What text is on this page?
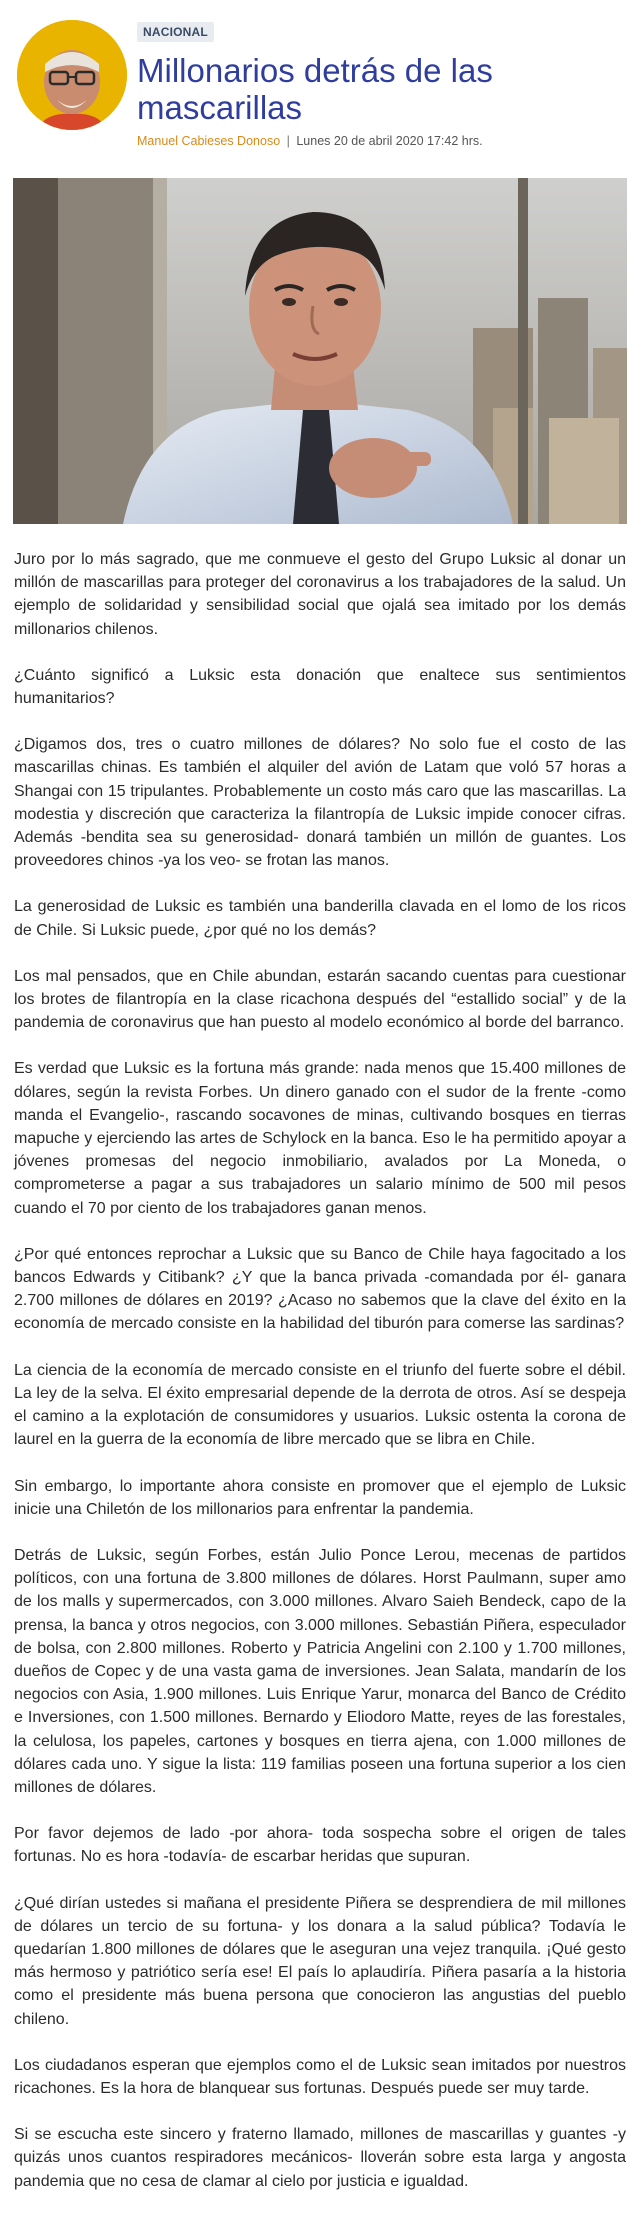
NACIONAL
Millonarios detrás de las mascarillas
Manuel Cabieses Donoso | Lunes 20 de abril 2020 17:42 hrs.

Juro por lo más sagrado, que me conmueve el gesto del Grupo Luksic al donar un millón de mascarillas para proteger del coronavirus a los trabajadores de la salud. Un ejemplo de solidaridad y sensibilidad social que ojalá sea imitado por los demás millonarios chilenos.

¿Cuánto significó a Luksic esta donación que enaltece sus sentimientos humanitarios?

¿Digamos dos, tres o cuatro millones de dólares? No solo fue el costo de las mascarillas chinas. Es también el alquiler del avión de Latam que voló 57 horas a Shangai con 15 tripulantes. Probablemente un costo más caro que las mascarillas. La modestia y discreción que caracteriza la filantropía de Luksic impide conocer cifras. Además -bendita sea su generosidad- donará también un millón de guantes. Los proveedores chinos -ya los veo- se frotan las manos.

La generosidad de Luksic es también una banderilla clavada en el lomo de los ricos de Chile. Si Luksic puede, ¿por qué no los demás?

Los mal pensados, que en Chile abundan, estarán sacando cuentas para cuestionar los brotes de filantropía en la clase ricachona después del “estallido social” y de la pandemia de coronavirus que han puesto al modelo económico al borde del barranco.

Es verdad que Luksic es la fortuna más grande: nada menos que 15.400 millones de dólares, según la revista Forbes. Un dinero ganado con el sudor de la frente -como manda el Evangelio-, rascando socavones de minas, cultivando bosques en tierras mapuche y ejerciendo las artes de Schylock en la banca. Eso le ha permitido apoyar a jóvenes promesas del negocio inmobiliario, avalados por La Moneda, o comprometerse a pagar a sus trabajadores un salario mínimo de 500 mil pesos cuando el 70 por ciento de los trabajadores ganan menos.

¿Por qué entonces reprochar a Luksic que su Banco de Chile haya fagocitado a los bancos Edwards y Citibank? ¿Y que la banca privada -comandada por él- ganara 2.700 millones de dólares en 2019? ¿Acaso no sabemos que la clave del éxito en la economía de mercado consiste en la habilidad del tiburón para comerse las sardinas?

La ciencia de la economía de mercado consiste en el triunfo del fuerte sobre el débil. La ley de la selva. El éxito empresarial depende de la derrota de otros. Así se despeja el camino a la explotación de consumidores y usuarios. Luksic ostenta la corona de laurel en la guerra de la economía de libre mercado que se libra en Chile.

Sin embargo, lo importante ahora consiste en promover que el ejemplo de Luksic inicie una Chiletón de los millonarios para enfrentar la pandemia.

Detrás de Luksic, según Forbes, están Julio Ponce Lerou, mecenas de partidos políticos, con una fortuna de 3.800 millones de dólares. Horst Paulmann, super amo de los malls y supermercados, con 3.000 millones. Alvaro Saieh Bendeck, capo de la prensa, la banca y otros negocios, con 3.000 millones. Sebastián Piñera, especulador de bolsa, con 2.800 millones. Roberto y Patricia Angelini con 2.100 y 1.700 millones, dueños de Copec y de una vasta gama de inversiones. Jean Salata, mandarín de los negocios con Asia, 1.900 millones. Luis Enrique Yarur, monarca del Banco de Crédito e Inversiones, con 1.500 millones. Bernardo y Eliodoro Matte, reyes de las forestales, la celulosa, los papeles, cartones y bosques en tierra ajena, con 1.000 millones de dólares cada uno. Y sigue la lista: 119 familias poseen una fortuna superior a los cien millones de dólares.

Por favor dejemos de lado -por ahora- toda sospecha sobre el origen de tales fortunas. No es hora -todavía- de escarbar heridas que supuran.

¿Qué dirían ustedes si mañana el presidente Piñera se desprendiera de mil millones de dólares un tercio de su fortuna- y los donara a la salud pública? Todavía le quedarían 1.800 millones de dólares que le aseguran una vejez tranquila. ¡Qué gesto más hermoso y patriótico sería ese! El país lo aplaudiría. Piñera pasaría a la historia como el presidente más buena persona que conocieron las angustias del pueblo chileno.

Los ciudadanos esperan que ejemplos como el de Luksic sean imitados por nuestros ricachones. Es la hora de blanquear sus fortunas. Después puede ser muy tarde.

Si se escucha este sincero y fraterno llamado, millones de mascarillas y guantes -y quizás unos cuantos respiradores mecánicos- lloverán sobre esta larga y angosta pandemia que no cesa de clamar al cielo por justicia e igualdad.
